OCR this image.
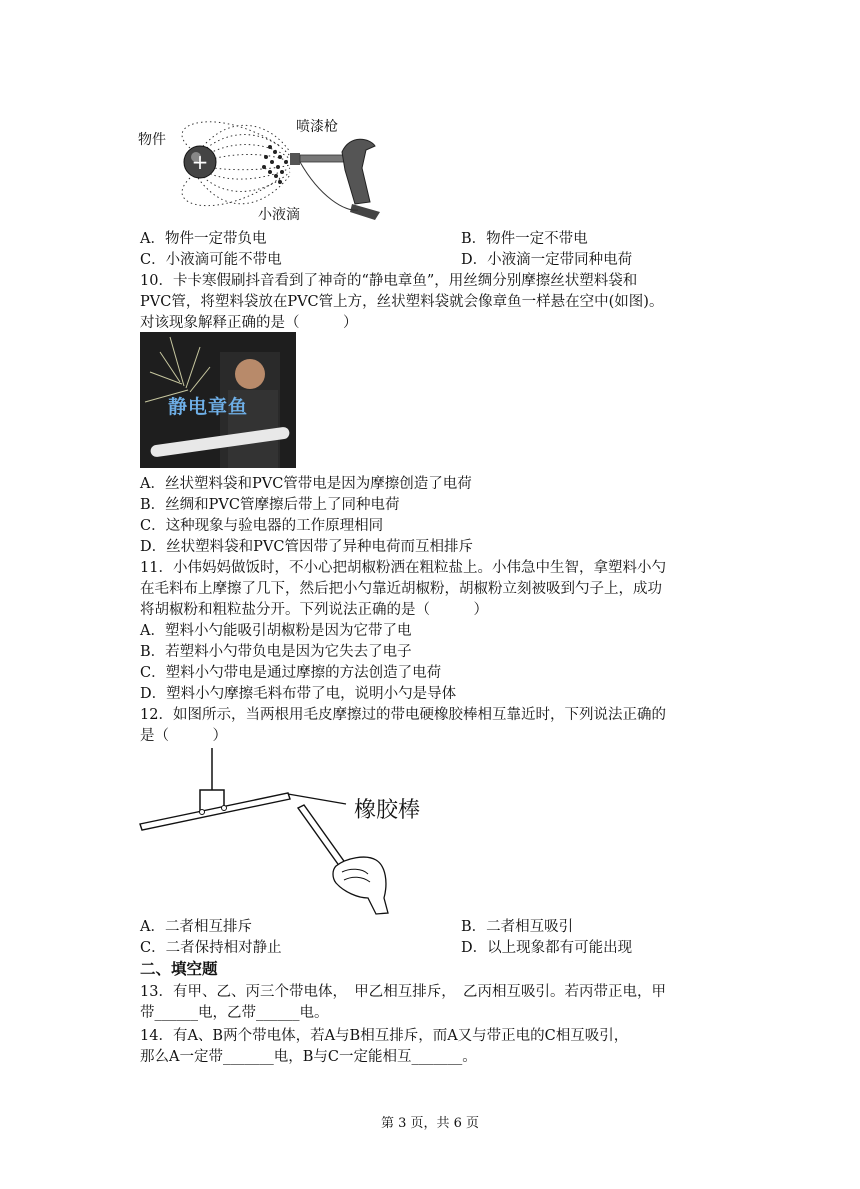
+
物件
喷漆枪
小液滴
A．物件一定带负电	B．物件一定不带电
C．小液滴可能不带电	D．小液滴一定带同种电荷
10．卡卡寒假刷抖音看到了神奇的“静电章鱼”，用丝绸分别摩擦丝状塑料袋和
PVC管，将塑料袋放在PVC管上方，丝状塑料袋就会像章鱼一样悬在空中(如图)。
对该现象解释正确的是（　　　）
静电章鱼
A．丝状塑料袋和PVC管带电是因为摩擦创造了电荷
B．丝绸和PVC管摩擦后带上了同种电荷
C．这种现象与验电器的工作原理相同
D．丝状塑料袋和PVC管因带了异种电荷而互相排斥
11．小伟妈妈做饭时，不小心把胡椒粉洒在粗粒盐上。小伟急中生智，拿塑料小勺
在毛料布上摩擦了几下，然后把小勺靠近胡椒粉，胡椒粉立刻被吸到勺子上，成功
将胡椒粉和粗粒盐分开。下列说法正确的是（　　　）
A．塑料小勺能吸引胡椒粉是因为它带了电
B．若塑料小勺带负电是因为它失去了电子
C．塑料小勺带电是通过摩擦的方法创造了电荷
D．塑料小勺摩擦毛料布带了电，说明小勺是导体
12．如图所示，当两根用毛皮摩擦过的带电硬橡胶棒相互靠近时，下列说法正确的
是（　　　）
橡胶棒
A．二者相互排斥	B．二者相互吸引
C．二者保持相对静止	D．以上现象都有可能出现
二、填空题
13．有甲、乙、丙三个带电体，　甲乙相互排斥，　乙丙相互吸引。若丙带正电，甲
带______电，乙带______电。
14．有A、B两个带电体，若A与B相互排斥，而A又与带正电的C相互吸引，
那么A一定带_______电，B与C一定能相互_______。
第 3 页，共 6 页
